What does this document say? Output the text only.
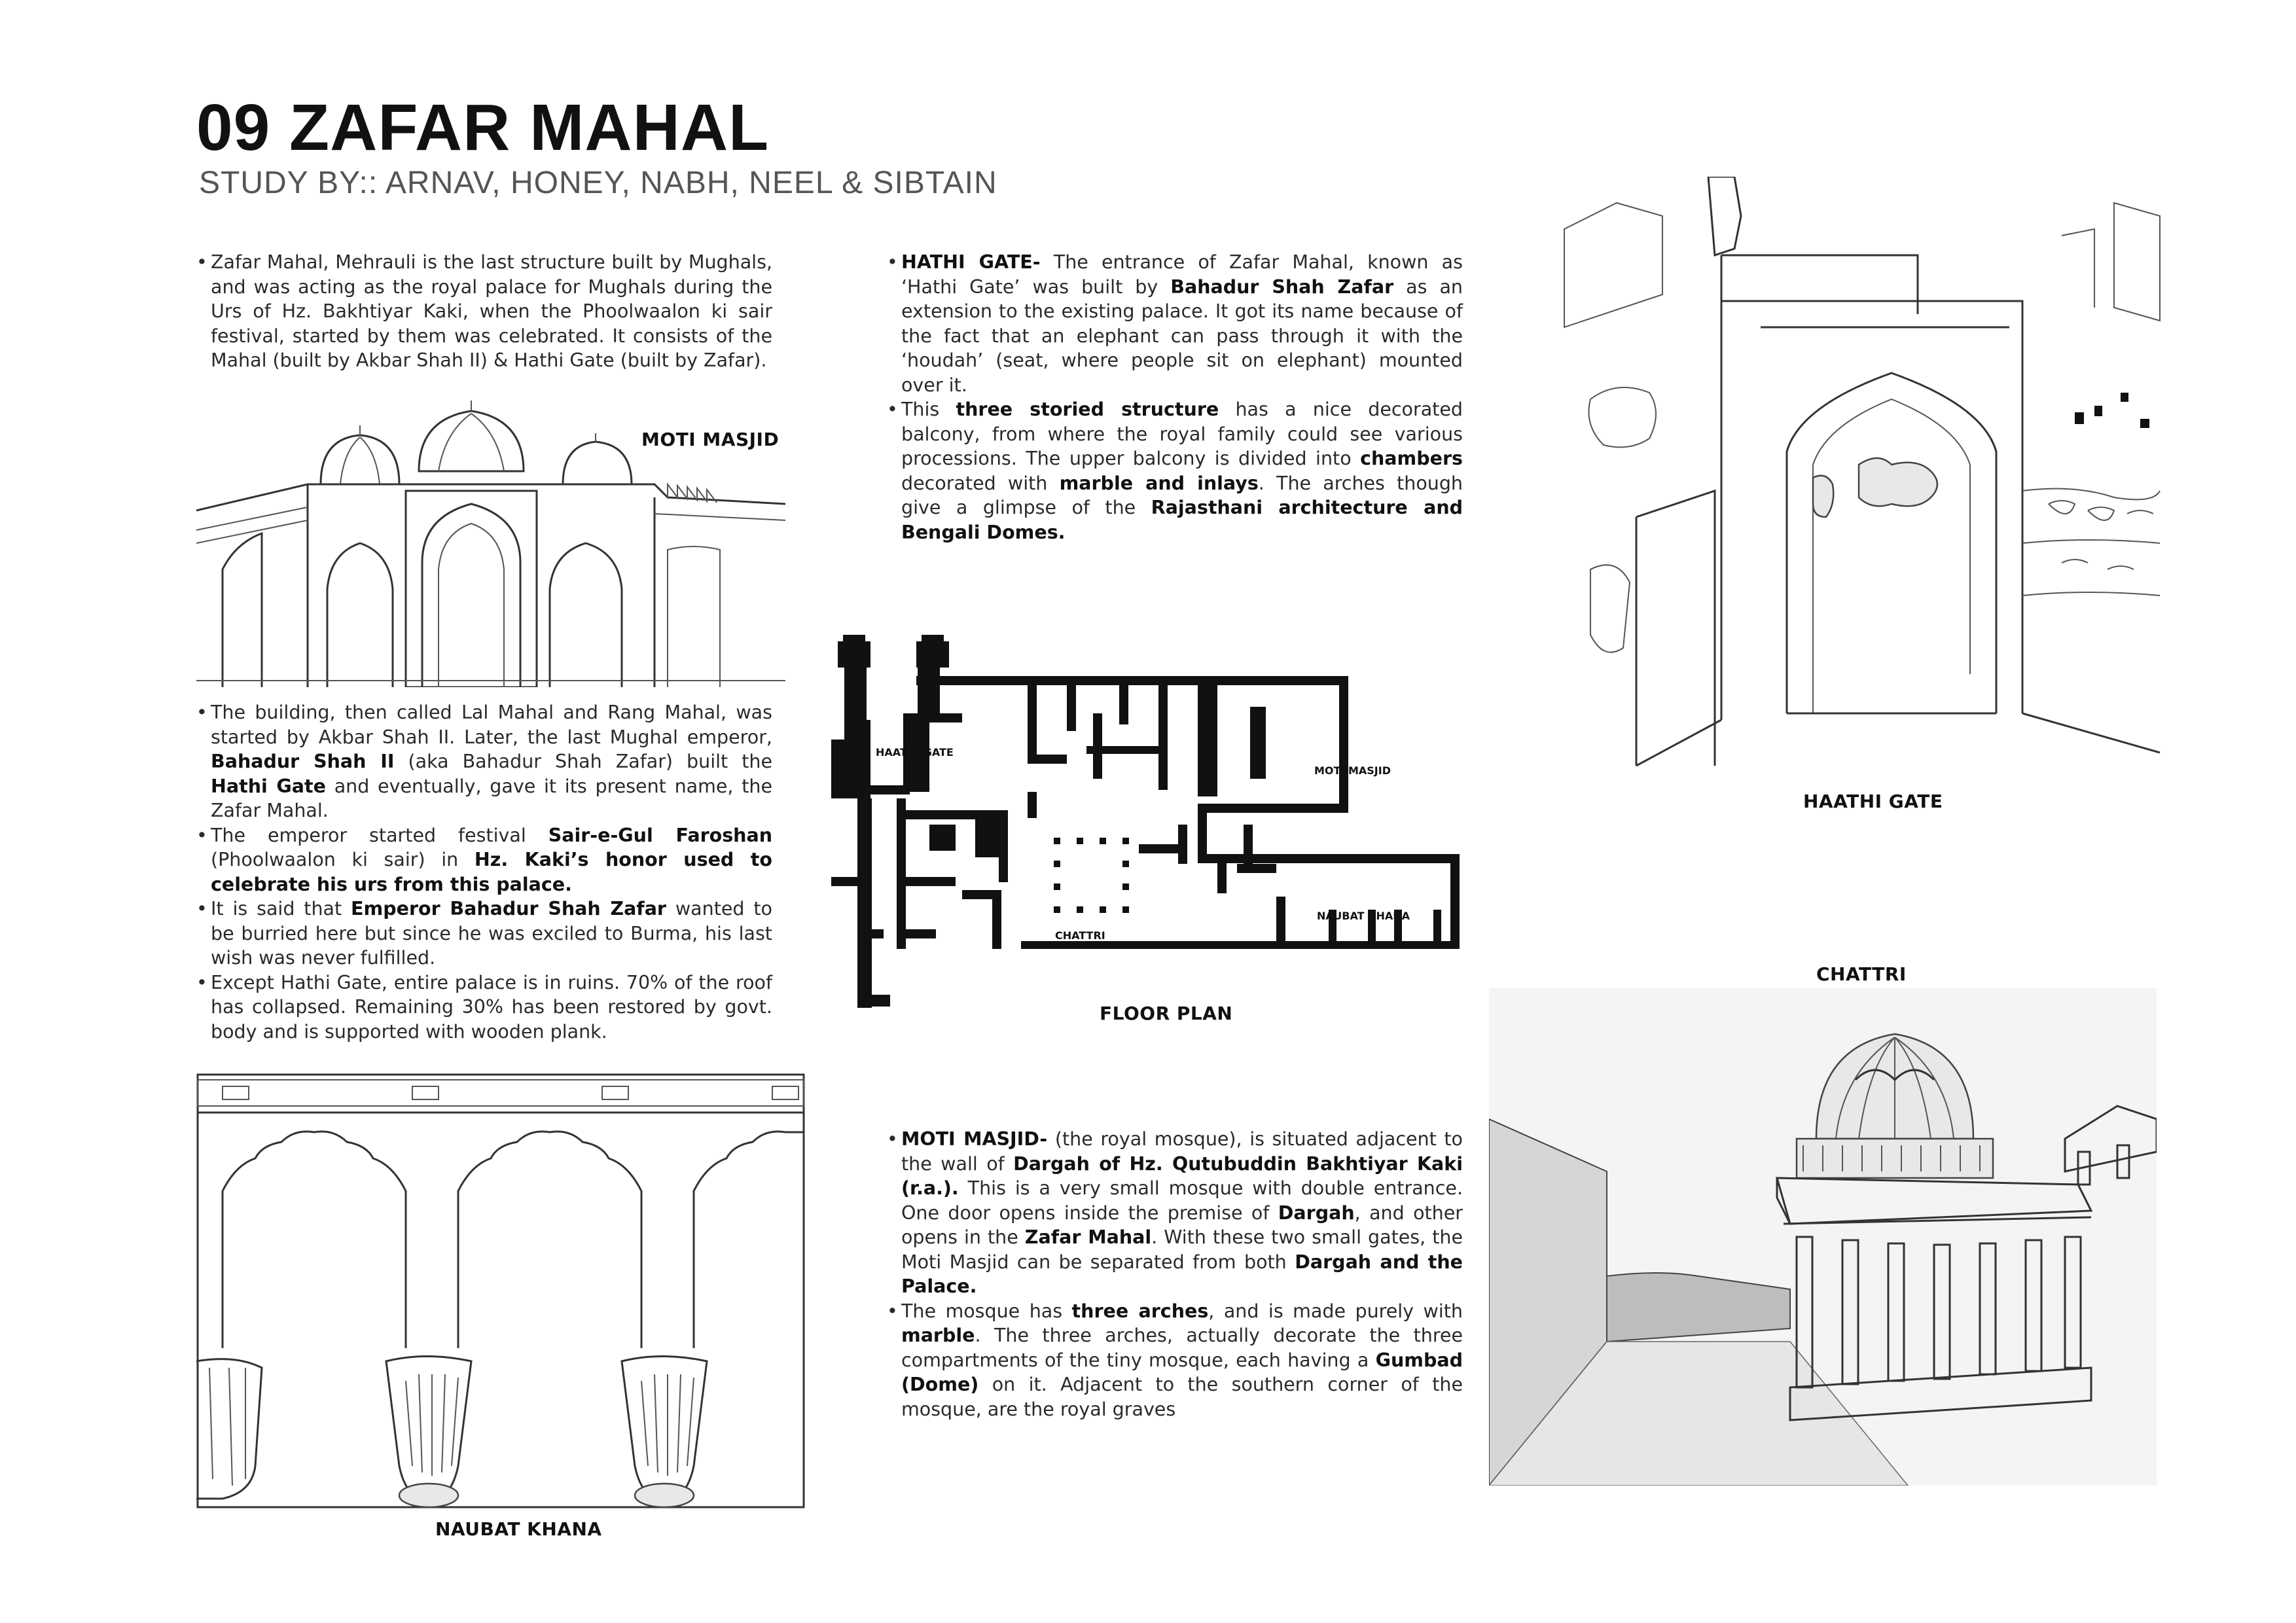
09 ZAFAR MAHAL
STUDY BY:: ARNAV, HONEY, NABH, NEEL & SIBTAIN
• Zafar Mahal, Mehrauli is the last structure built by Mughals, and was acting as the royal palace for Mughals during the Urs of Hz. Bakhtiyar Kaki, when the Phoolwaalon ki sair festival, started by them was celebrated. It consists of the Mahal (built by Akbar Shah II) & Hathi Gate (built by Zafar).
MOTI MASJID
• The building, then called Lal Mahal and Rang Mahal, was started by Akbar Shah II. Later, the last Mughal emperor, Bahadur Shah II (aka Bahadur Shah Zafar) built the Hathi Gate and eventually, gave it its present name, the Zafar Mahal.
• The emperor started festival Sair-e-Gul Faroshan (Phoolwaalon ki sair) in Hz. Kaki’s honor used to celebrate his urs from this palace.
• It is said that Emperor Bahadur Shah Zafar wanted to be burried here but since he was exciled to Burma, his last wish was never fulfilled.
• Except Hathi Gate, entire palace is in ruins. 70% of the roof has collapsed. Remaining 30% has been restored by govt. body and is supported with wooden plank.
NAUBAT KHANA
• HATHI GATE- The entrance of Zafar Mahal, known as ‘Hathi Gate’ was built by Bahadur Shah Zafar as an extension to the existing palace. It got its name because of the fact that an elephant can pass through it with the ‘houdah’ (seat, where people sit on elephant) mounted over it.
• This three storied structure has a nice decorated balcony, from where the royal family could see various processions. The upper balcony is divided into chambers decorated with marble and inlays. The arches though give a glimpse of the Rajasthani architecture and Bengali Domes.
HAATHI GATE
MOTI MASJID
NAUBAT KHANA
CHATTRI
FLOOR PLAN
• MOTI MASJID- (the royal mosque), is situated adjacent to the wall of Dargah of Hz. Qutubuddin Bakhtiyar Kaki (r.a.). This is a very small mosque with double entrance. One door opens inside the premise of Dargah, and other opens in the Zafar Mahal. With these two small gates, the Moti Masjid can be separated from both Dargah and the Palace.
• The mosque has three arches, and is made purely with marble. The three arches, actually decorate the three compartments of the tiny mosque, each having a Gumbad (Dome) on it. Adjacent to the southern corner of the mosque, are the royal graves
HAATHI GATE
CHATTRI
